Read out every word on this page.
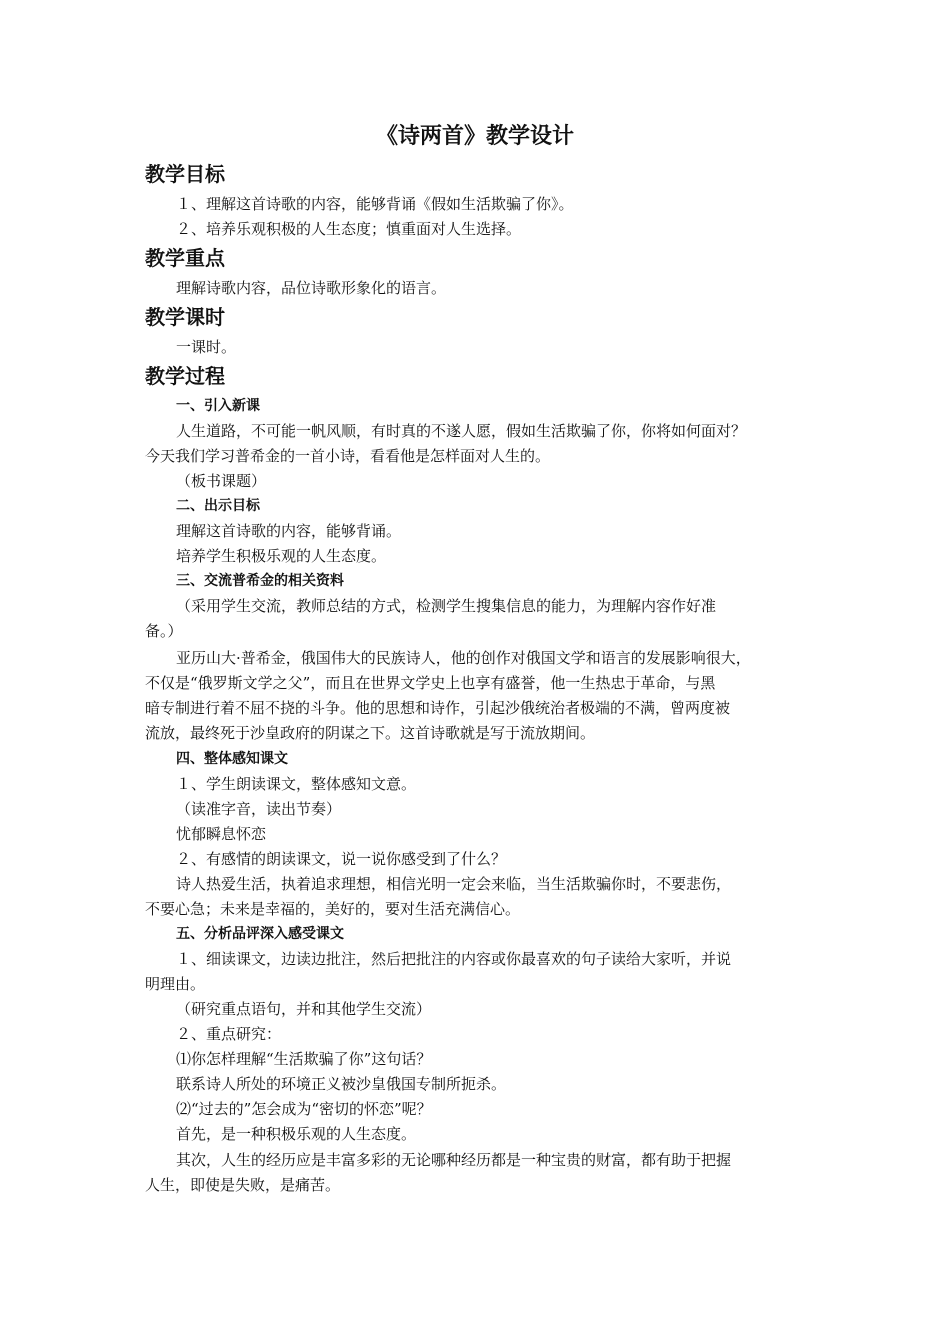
《诗两首》教学设计
教学目标
１、理解这首诗歌的内容，能够背诵《假如生活欺骗了你》。
２、培养乐观积极的人生态度；慎重面对人生选择。
教学重点
理解诗歌内容，品位诗歌形象化的语言。
教学课时
一课时。
教学过程
一、引入新课
人生道路，不可能一帆风顺，有时真的不遂人愿，假如生活欺骗了你，你将如何面对？
今天我们学习普希金的一首小诗，看看他是怎样面对人生的。
（板书课题）
二、出示目标
理解这首诗歌的内容，能够背诵。
培养学生积极乐观的人生态度。
三、交流普希金的相关资料
（采用学生交流，教师总结的方式，检测学生搜集信息的能力，为理解内容作好准
备。）
亚历山大·普希金，俄国伟大的民族诗人，他的创作对俄国文学和语言的发展影响很大，
不仅是“俄罗斯文学之父”，而且在世界文学史上也享有盛誉，他一生热忠于革命，与黑
暗专制进行着不屈不挠的斗争。他的思想和诗作，引起沙俄统治者极端的不满，曾两度被
流放，最终死于沙皇政府的阴谋之下。这首诗歌就是写于流放期间。
四、整体感知课文
１、学生朗读课文，整体感知文意。
（读准字音，读出节奏）
忧郁瞬息怀恋
２、有感情的朗读课文，说一说你感受到了什么？
诗人热爱生活，执着追求理想，相信光明一定会来临，当生活欺骗你时，不要悲伤，
不要心急；未来是幸福的，美好的，要对生活充满信心。
五、分析品评深入感受课文
１、细读课文，边读边批注，然后把批注的内容或你最喜欢的句子读给大家听，并说
明理由。
（研究重点语句，并和其他学生交流）
２、重点研究：
⑴你怎样理解“生活欺骗了你”这句话？
联系诗人所处的环境正义被沙皇俄国专制所扼杀。
⑵“过去的”怎会成为“密切的怀恋”呢？
首先，是一种积极乐观的人生态度。
其次，人生的经历应是丰富多彩的无论哪种经历都是一种宝贵的财富，都有助于把握
人生，即使是失败，是痛苦。
